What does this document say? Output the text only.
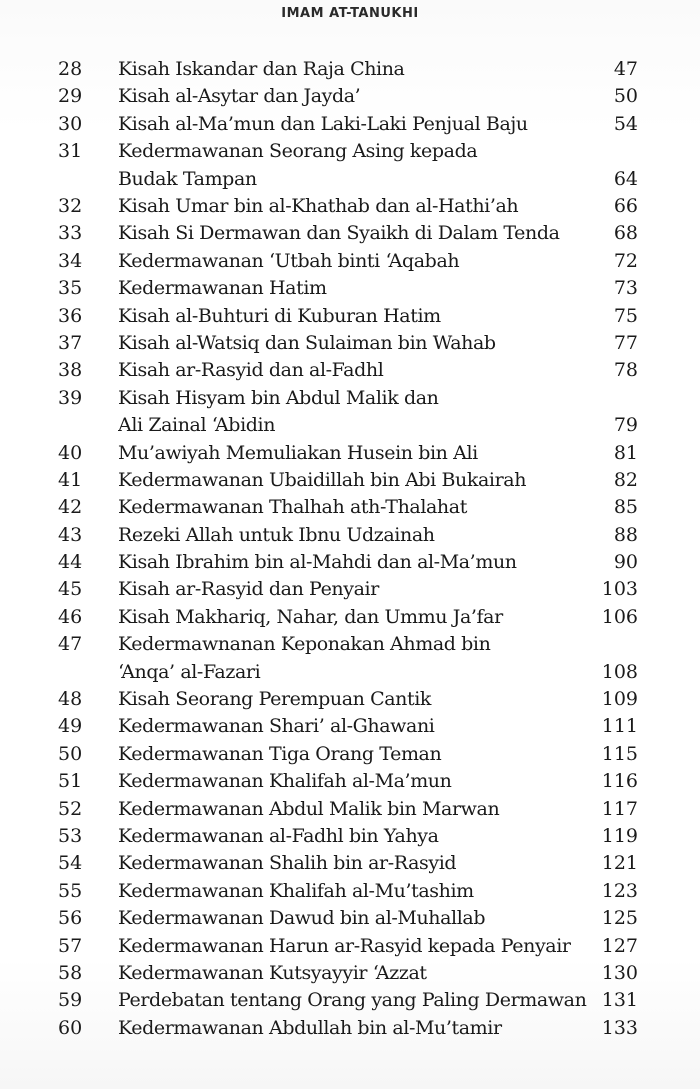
IMAM AT-TANUKHI
28	Kisah Iskandar dan Raja China	47
29	Kisah al-Asytar dan Jayda’	50
30	Kisah al-Ma’mun dan Laki-Laki Penjual Baju	54
31	Kedermawanan Seorang Asing kepada
Budak Tampan	64
32	Kisah Umar bin al-Khathab dan al-Hathi’ah	66
33	Kisah Si Dermawan dan Syaikh di Dalam Tenda	68
34	Kedermawanan ‘Utbah binti ‘Aqabah	72
35	Kedermawanan Hatim	73
36	Kisah al-Buhturi di Kuburan Hatim	75
37	Kisah al-Watsiq dan Sulaiman bin Wahab	77
38	Kisah ar-Rasyid dan al-Fadhl	78
39	Kisah Hisyam bin Abdul Malik dan
Ali Zainal ‘Abidin	79
40	Mu’awiyah Memuliakan Husein bin Ali	81
41	Kedermawanan Ubaidillah bin Abi Bukairah	82
42	Kedermawanan Thalhah ath-Thalahat	85
43	Rezeki Allah untuk Ibnu Udzainah	88
44	Kisah Ibrahim bin al-Mahdi dan al-Ma’mun	90
45	Kisah ar-Rasyid dan Penyair	103
46	Kisah Makhariq, Nahar, dan Ummu Ja’far	106
47	Kedermawnanan Keponakan Ahmad bin
‘Anqa’ al-Fazari	108
48	Kisah Seorang Perempuan Cantik	109
49	Kedermawanan Shari’ al-Ghawani	111
50	Kedermawanan Tiga Orang Teman	115
51	Kedermawanan Khalifah al-Ma’mun	116
52	Kedermawanan Abdul Malik bin Marwan	117
53	Kedermawanan al-Fadhl bin Yahya	119
54	Kedermawanan Shalih bin ar-Rasyid	121
55	Kedermawanan Khalifah al-Mu’tashim	123
56	Kedermawanan Dawud bin al-Muhallab	125
57	Kedermawanan Harun ar-Rasyid kepada Penyair	127
58	Kedermawanan Kutsyayyir ‘Azzat	130
59	Perdebatan tentang Orang yang Paling Dermawan 131
60	Kedermawanan Abdullah bin al-Mu’tamir	133
